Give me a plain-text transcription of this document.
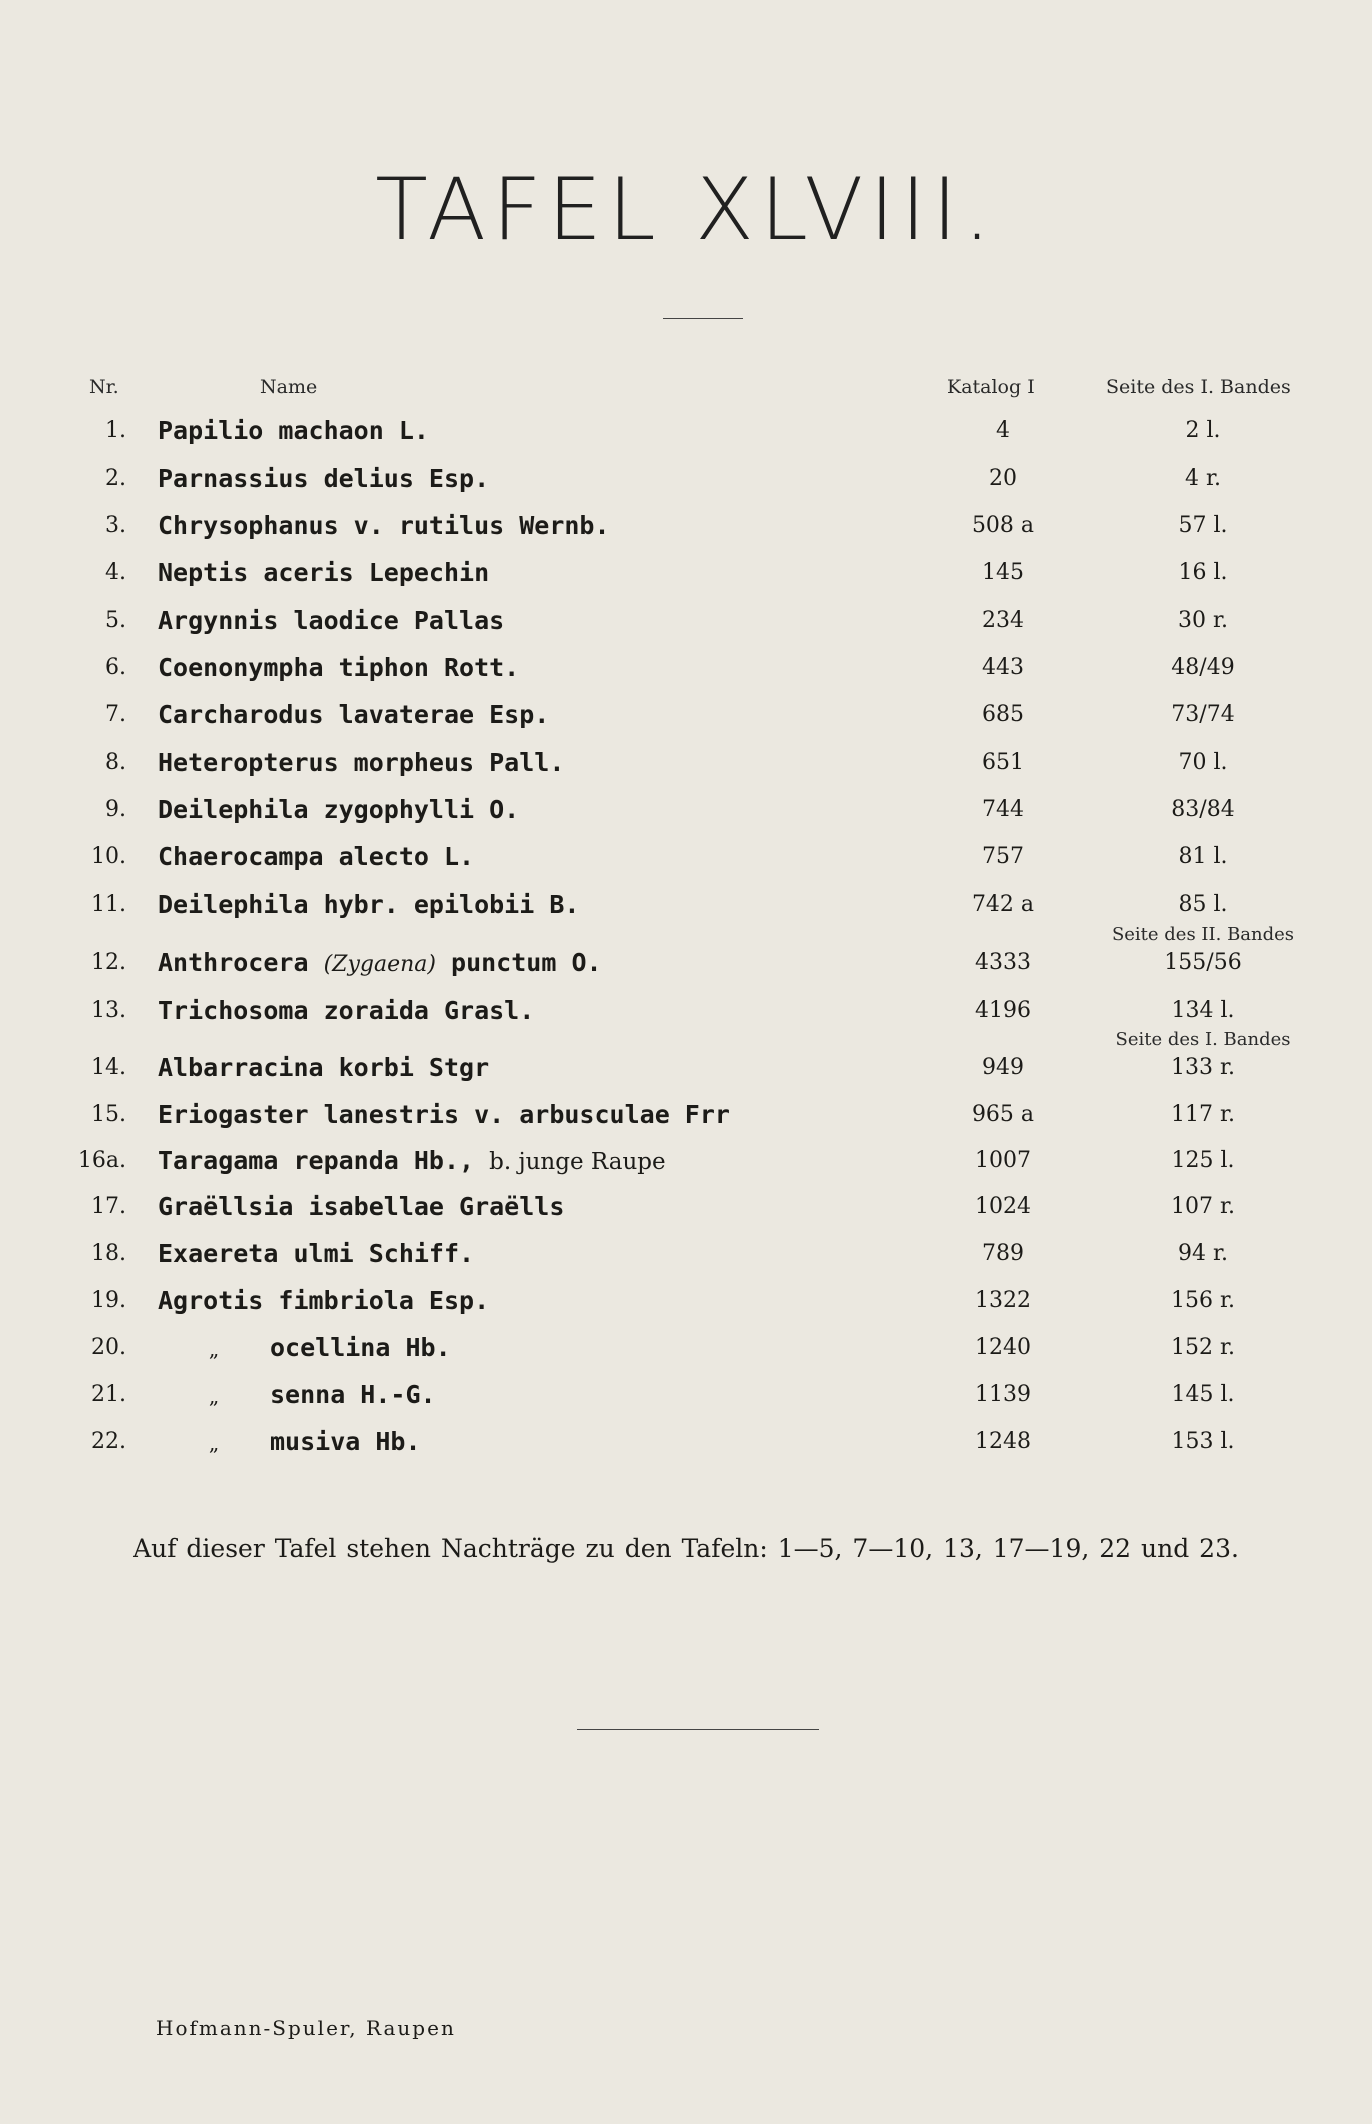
TAFEL XLVIII.
Nr.	Name	Katalog I	Seite des I. Bandes
1. Papilio machaon L.	4	2 l.
2. Parnassius delius Esp.	20	4 r.
3. Chrysophanus v. rutilus Wernb.	508 a	57 l.
4. Neptis aceris Lepechin	145	16 l.
5. Argynnis laodice Pallas	234	30 r.
6. Coenonympha tiphon Rott.	443	48/49
7. Carcharodus lavaterae Esp.	685	73/74
8. Heteropterus morpheus Pall.	651	70 l.
9. Deilephila zygophylli O.	744	83/84
10. Chaerocampa alecto L.	757	81 l.
11. Deilephila hybr. epilobii B.	742 a	85 l.
Seite des II. Bandes
12. Anthrocera (Zygaena) punctum O.	4333	155/56
13. Trichosoma zoraida Grasl.	4196	134 l.
Seite des I. Bandes
14. Albarracina korbi Stgr	949	133 r.
15. Eriogaster lanestris v. arbusculae Frr	965 a	117 r.
16a. Taragama repanda Hb., b. junge Raupe	1007	125 l.
17. Graëllsia isabellae Graëlls	1024	107 r.
18. Exaereta ulmi Schiff.	789	94 r.
19. Agrotis fimbriola Esp.	1322	156 r.
20.	„ ocellina Hb.	1240	152 r.
21.	„ senna H.-G.	1139	145 l.
22.	„ musiva Hb.	1248	153 l.
Auf dieser Tafel stehen Nachträge zu den Tafeln: 1—5, 7—10, 13, 17—19, 22 und 23.
Hofmann-Spuler, Raupen
